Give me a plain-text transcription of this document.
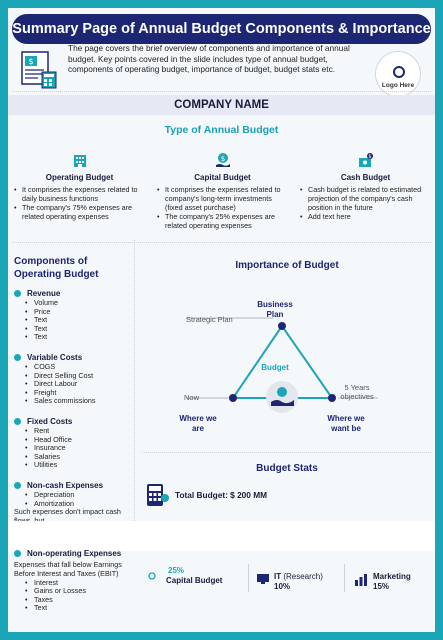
Summary Page of Annual Budget Components & Importance
$
The page covers the brief overview of components and importance of annual budget. Key points covered in the slide includes type of annual budget, components of operating budget, importance of budget, budget stats etc.
Logo Here
COMPANY NAME
Type of Annual Budget
Operating Budget
• It comprises the expenses related to daily business functions
• The company's 75% expenses are related operating expenses
$
Capital Budget
• It comprises the expenses related to company's long-term investments (fixed asset purchase)
• The company's 25% expenses are related operating expenses
$
Cash Budget
• Cash budget is related to estimated projection of the company's cash position in the future
• Add text here
Components of Operating Budget
Revenue
• Volume
• Price
• Text
• Text
• Text
Variable Costs
• COGS
• Direct Selling Cost
• Direct Labour
• Freight
• Sales commissions
Fixed Costs
• Rent
• Head Office
• Insurance
• Salaries
• Utilities
Non-cash Expenses
• Depreciation
• Amortization
Such expenses don't impact cash
Importance of Budget
Business Plan
Budget
Where we are
Where we want be
Strategic Plan
Now
5 Years objectives
Budget Stats
Total Budget: $ 200 MM
Non-operating Expenses
Expenses that fall below Earnings Before Interest and Taxes (EBIT)
• Interest
• Gains or Losses
• Taxes
• Text
25%
Capital Budget	IT (Research)
10%
Marketing
15%
